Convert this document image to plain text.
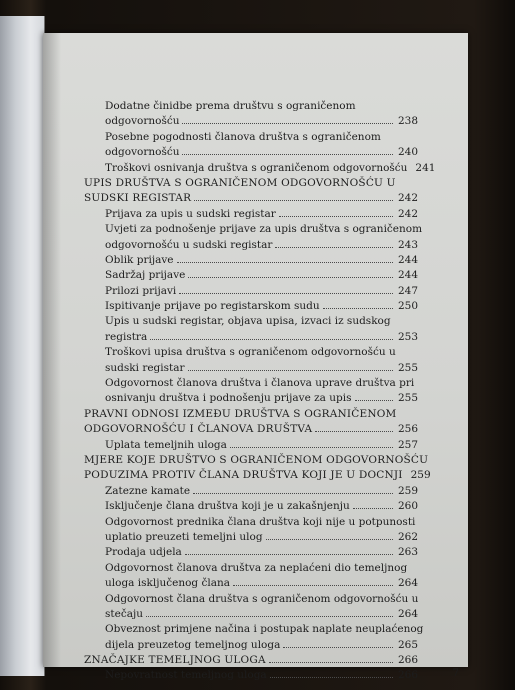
7
Dodatne činidbe prema društvu s ograničenom
odgovornošću	238
Posebne pogodnosti članova društva s ograničenom
odgovornošću	240
Troškovi osnivanja društva s ograničenom odgovornošću 241
UPIS DRUŠTVA S OGRANIČENOM ODGOVORNOŠĆU U
SUDSKI REGISTAR	242
Prijava za upis u sudski registar	242
Uvjeti za podnošenje prijave za upis društva s ograničenom
odgovornošću u sudski registar	243
Oblik prijave	244
Sadržaj prijave	244
Prilozi prijavi	247
Ispitivanje prijave po registarskom sudu	250
Upis u sudski registar, objava upisa, izvaci iz sudskog
registra	253
Troškovi upisa društva s ograničenom odgovornošću u
sudski registar	255
Odgovornost članova društva i članova uprave društva pri
osnivanju društva i podnošenju prijave za upis	255
PRAVNI ODNOSI IZMEĐU DRUŠTVA S OGRANIČENOM
ODGOVORNOŠĆU I ČLANOVA DRUŠTVA	256
Uplata temeljnih uloga	257
MJERE KOJE DRUŠTVO S OGRANIČENOM ODGOVORNOŠĆU
PODUZIMA PROTIV ČLANA DRUŠTVA KOJI JE U DOCNJI 259
Zatezne kamate	259
Isključenje člana društva koji je u zakašnjenju	260
Odgovornost prednika člana društva koji nije u potpunosti
uplatio preuzeti temeljni ulog	262
Prodaja udjela	263
Odgovornost članova društva za neplaćeni dio temeljnog
uloga isključenog člana	264
Odgovornost člana društva s ograničenom odgovornošću u
stečaju	264
Obveznost primjene načina i postupak naplate neuplaćenog
dijela preuzetog temeljnog uloga	265
ZNAČAJKE TEMELJNOG ULOGA	266
Nepovratnost temeljnog uloga	266
